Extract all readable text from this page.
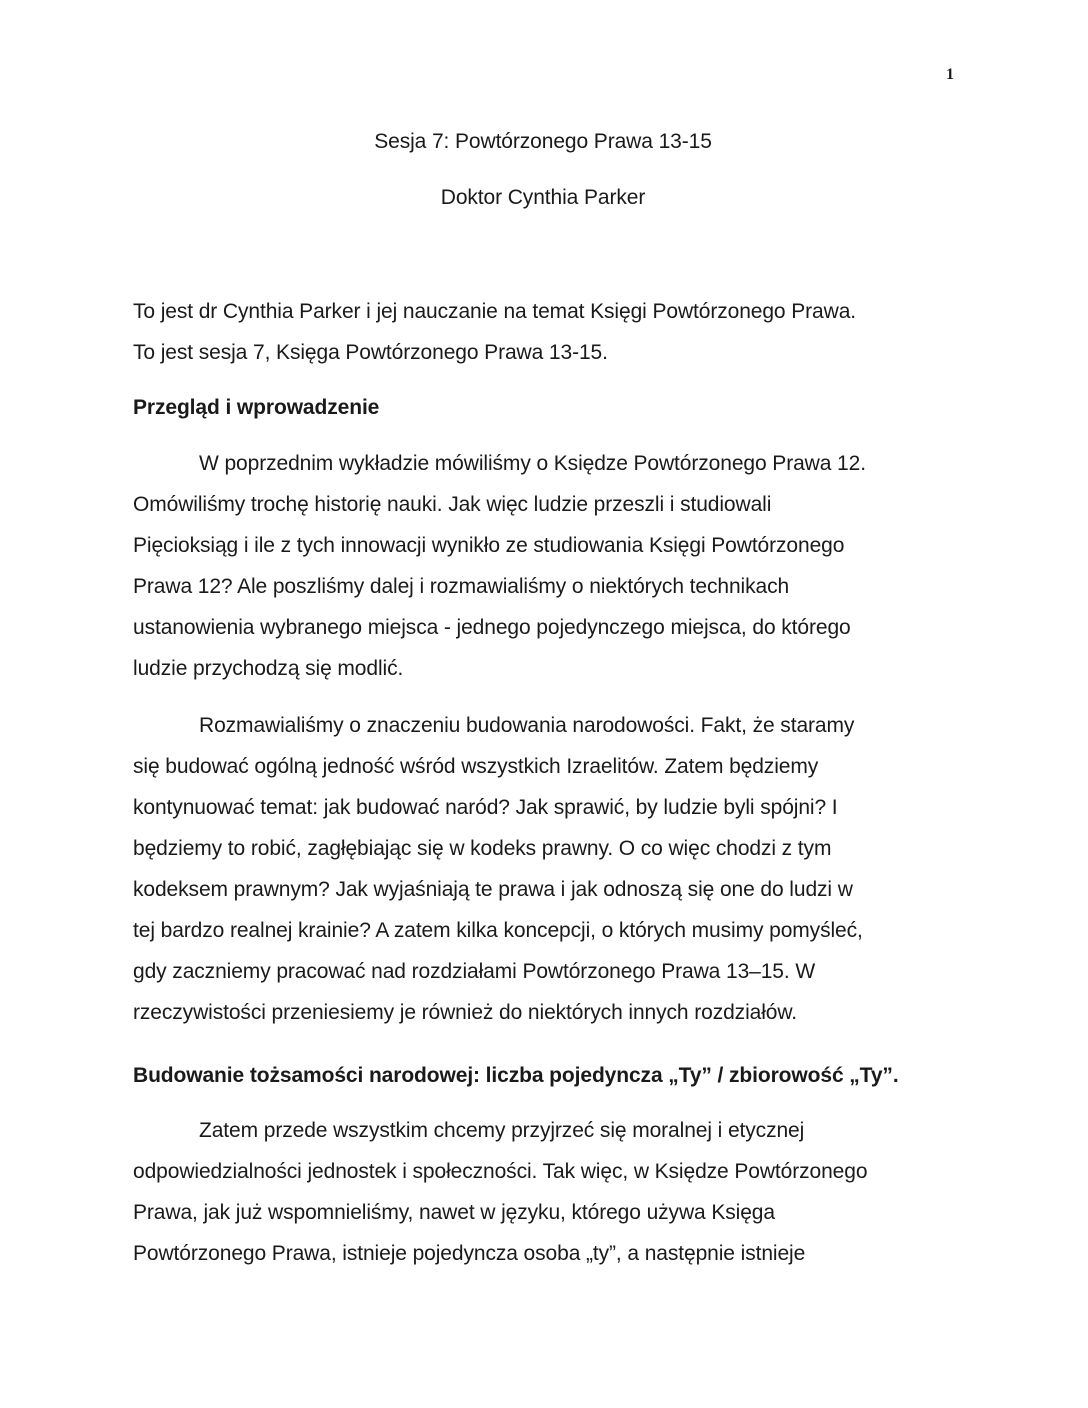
1
Sesja 7: Powtórzonego Prawa 13-15
Doktor Cynthia Parker

To jest dr Cynthia Parker i jej nauczanie na temat Księgi Powtórzonego Prawa.
To jest sesja 7, Księga Powtórzonego Prawa 13-15.

Przegląd i wprowadzenie

W poprzednim wykładzie mówiliśmy o Księdze Powtórzonego Prawa 12.
Omówiliśmy trochę historię nauki. Jak więc ludzie przeszli i studiowali
Pięcioksiąg i ile z tych innowacji wynikło ze studiowania Księgi Powtórzonego
Prawa 12? Ale poszliśmy dalej i rozmawialiśmy o niektórych technikach
ustanowienia wybranego miejsca - jednego pojedynczego miejsca, do którego
ludzie przychodzą się modlić.

Rozmawialiśmy o znaczeniu budowania narodowości. Fakt, że staramy
się budować ogólną jedność wśród wszystkich Izraelitów. Zatem będziemy
kontynuować temat: jak budować naród? Jak sprawić, by ludzie byli spójni? I
będziemy to robić, zagłębiając się w kodeks prawny. O co więc chodzi z tym
kodeksem prawnym? Jak wyjaśniają te prawa i jak odnoszą się one do ludzi w
tej bardzo realnej krainie? A zatem kilka koncepcji, o których musimy pomyśleć,
gdy zaczniemy pracować nad rozdziałami Powtórzonego Prawa 13–15. W
rzeczywistości przeniesiemy je również do niektórych innych rozdziałów.

Budowanie tożsamości narodowej: liczba pojedyncza „Ty” / zbiorowość „Ty”.

Zatem przede wszystkim chcemy przyjrzeć się moralnej i etycznej
odpowiedzialności jednostek i społeczności. Tak więc, w Księdze Powtórzonego
Prawa, jak już wspomnieliśmy, nawet w języku, którego używa Księga
Powtórzonego Prawa, istnieje pojedyncza osoba „ty”, a następnie istnieje
